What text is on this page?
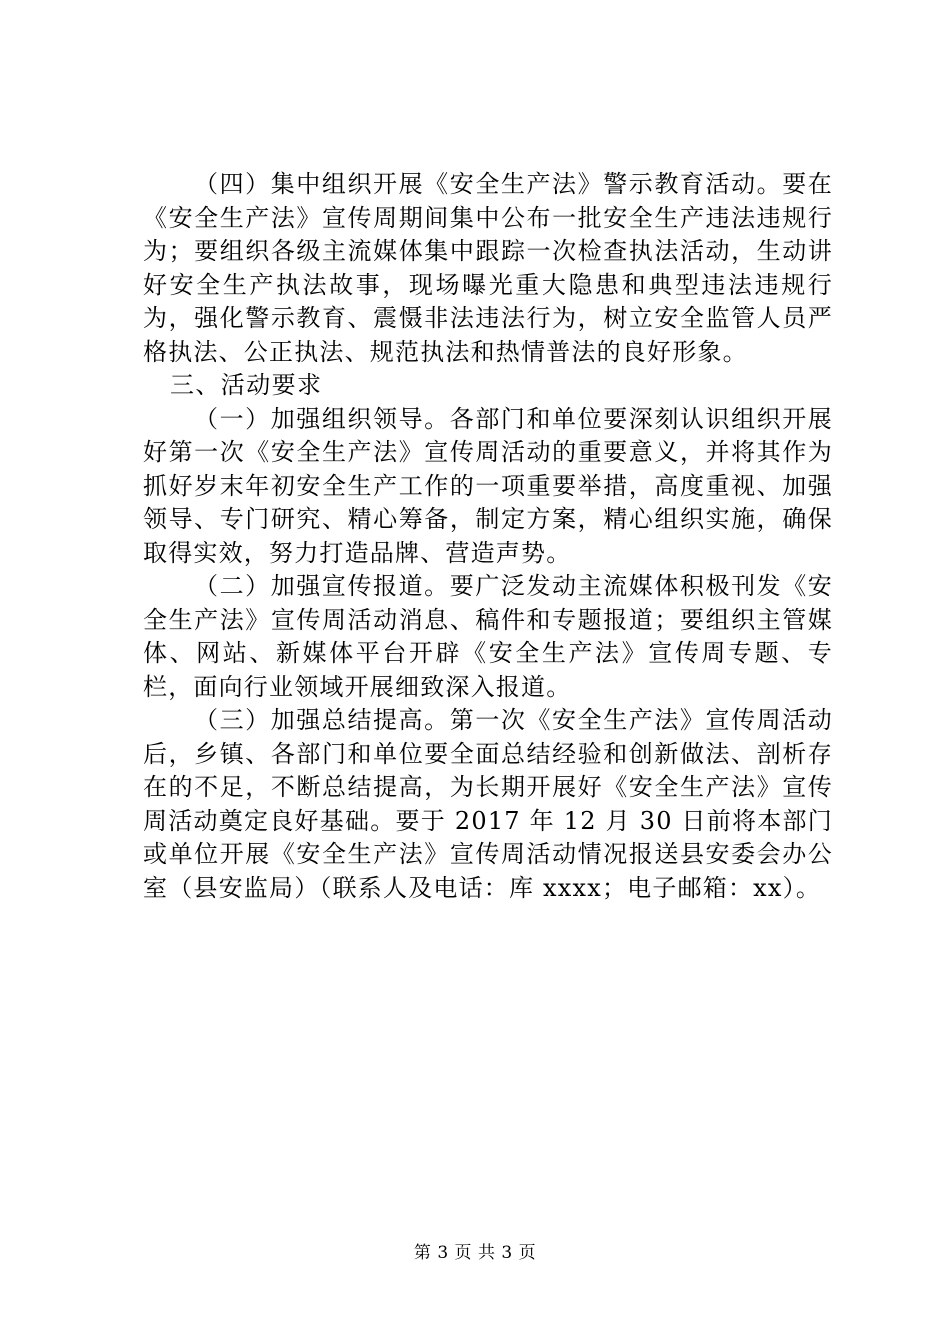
（四）集中组织开展《安全生产法》警示教育活动。要在《安全生产法》宣传周期间集中公布一批安全生产违法违规行为；要组织各级主流媒体集中跟踪一次检查执法活动，生动讲好安全生产执法故事，现场曝光重大隐患和典型违法违规行为，强化警示教育、震慑非法违法行为，树立安全监管人员严格执法、公正执法、规范执法和热情普法的良好形象。

三、活动要求

（一）加强组织领导。各部门和单位要深刻认识组织开展好第一次《安全生产法》宣传周活动的重要意义，并将其作为抓好岁末年初安全生产工作的一项重要举措，高度重视、加强领导、专门研究、精心筹备，制定方案，精心组织实施，确保取得实效，努力打造品牌、营造声势。

（二）加强宣传报道。要广泛发动主流媒体积极刊发《安全生产法》宣传周活动消息、稿件和专题报道；要组织主管媒体、网站、新媒体平台开辟《安全生产法》宣传周专题、专栏，面向行业领域开展细致深入报道。

（三）加强总结提高。第一次《安全生产法》宣传周活动后，乡镇、各部门和单位要全面总结经验和创新做法、剖析存在的不足，不断总结提高，为长期开展好《安全生产法》宣传周活动奠定良好基础。要于 2017 年 12 月 30 日前将本部门或单位开展《安全生产法》宣传周活动情况报送县安委会办公室（县安监局）（联系人及电话：库 xxxx；电子邮箱：xx）。

第 3 页 共 3 页
